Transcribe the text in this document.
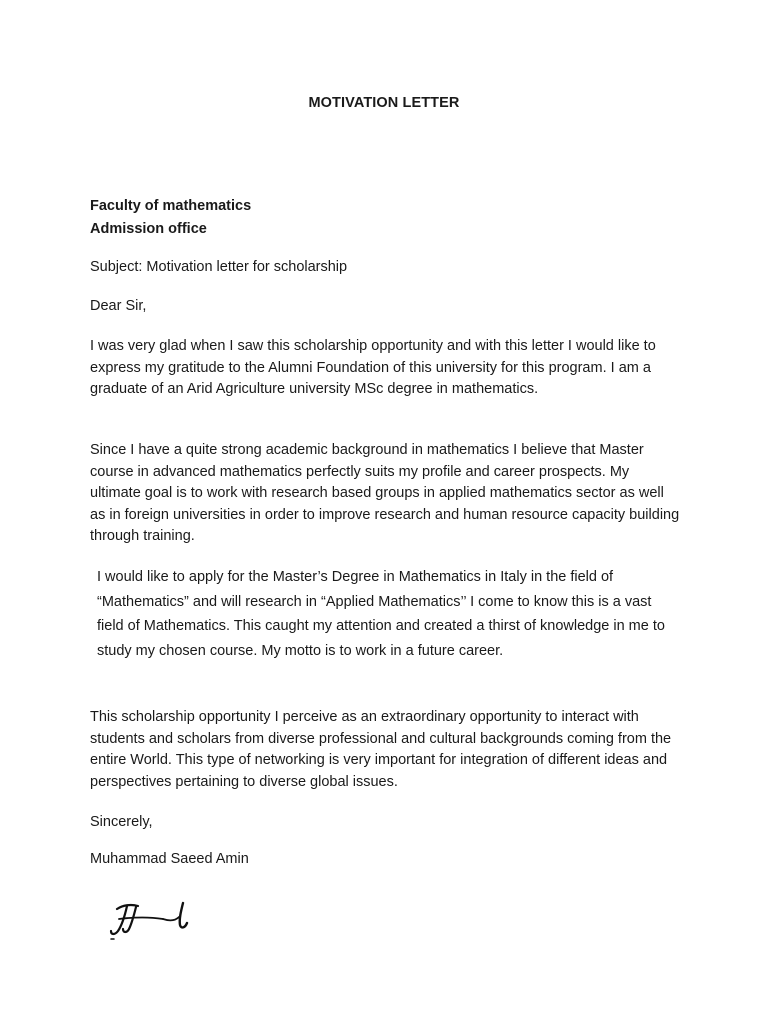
MOTIVATION LETTER
Faculty of mathematics
Admission office
Subject: Motivation letter for scholarship
Dear Sir,
I was very glad when I saw this scholarship opportunity and with this letter I would like to express my gratitude to the Alumni Foundation of this university for this program. I am a graduate of an Arid Agriculture university MSc degree in mathematics.
Since I have a quite strong academic background in mathematics I believe that Master course in advanced mathematics perfectly suits my profile and career prospects. My ultimate goal is to work with research based groups in applied mathematics sector as well as in foreign universities in order to improve research and human resource capacity building through training.
I would like to apply for the Master’s Degree in Mathematics in Italy in the field of “Mathematics” and will research in “Applied Mathematics’’ I come to know this is a vast field of Mathematics. This caught my attention and created a thirst of knowledge in me to study my chosen course. My motto is to work in a future career.
This scholarship opportunity I perceive as an extraordinary opportunity to interact with students and scholars from diverse professional and cultural backgrounds coming from the entire World. This type of networking is very important for integration of different ideas and perspectives pertaining to diverse global issues.
Sincerely,
Muhammad Saeed Amin
